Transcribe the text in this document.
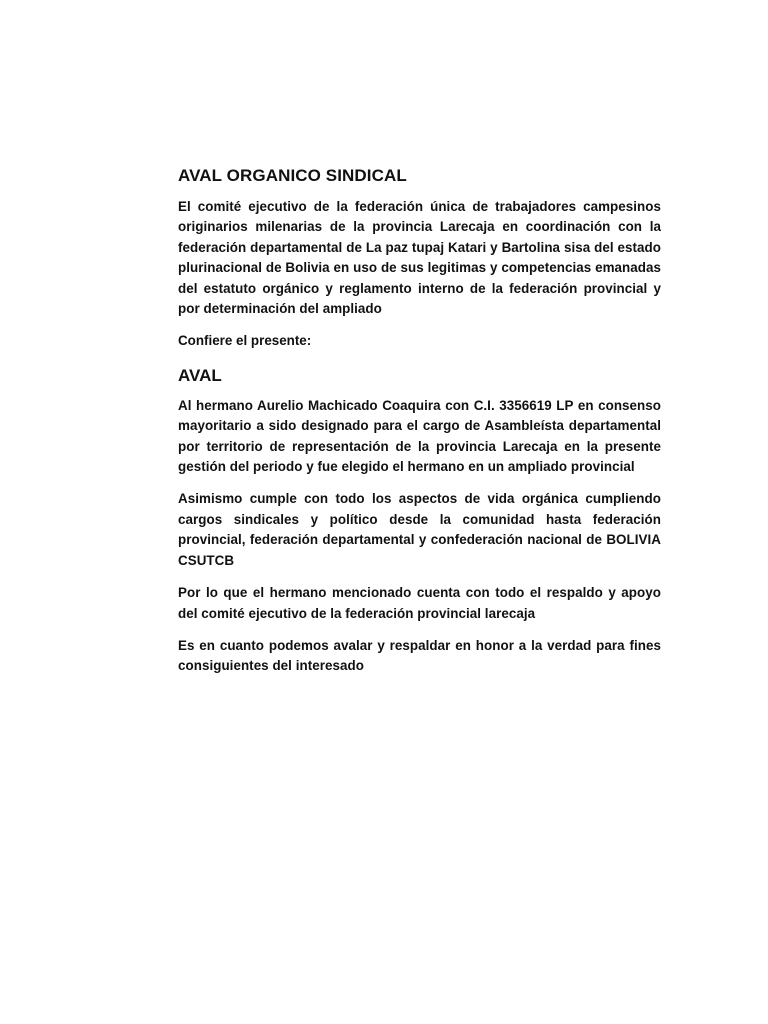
AVAL ORGANICO SINDICAL

El comité ejecutivo de la federación única de trabajadores campesinos originarios milenarias de la provincia Larecaja en coordinación con la federación departamental de La paz tupaj Katari y Bartolina sisa del estado plurinacional de Bolivia en uso de sus legitimas y competencias emanadas del estatuto orgánico y reglamento interno de la federación provincial y por determinación del ampliado

Confiere el presente:

AVAL

Al hermano Aurelio Machicado Coaquira con C.I. 3356619 LP en consenso mayoritario a sido designado para el cargo de Asambleísta departamental por territorio de representación de la provincia Larecaja en la presente gestión del periodo y fue elegido el hermano en un ampliado provincial

Asimismo cumple con todo los aspectos de vida orgánica cumpliendo cargos sindicales y político desde la comunidad hasta federación provincial, federación departamental y confederación nacional de BOLIVIA CSUTCB

Por lo que el hermano mencionado cuenta con todo el respaldo y apoyo del comité ejecutivo de la federación provincial larecaja

Es en cuanto podemos avalar y respaldar en honor a la verdad para fines consiguientes del interesado
